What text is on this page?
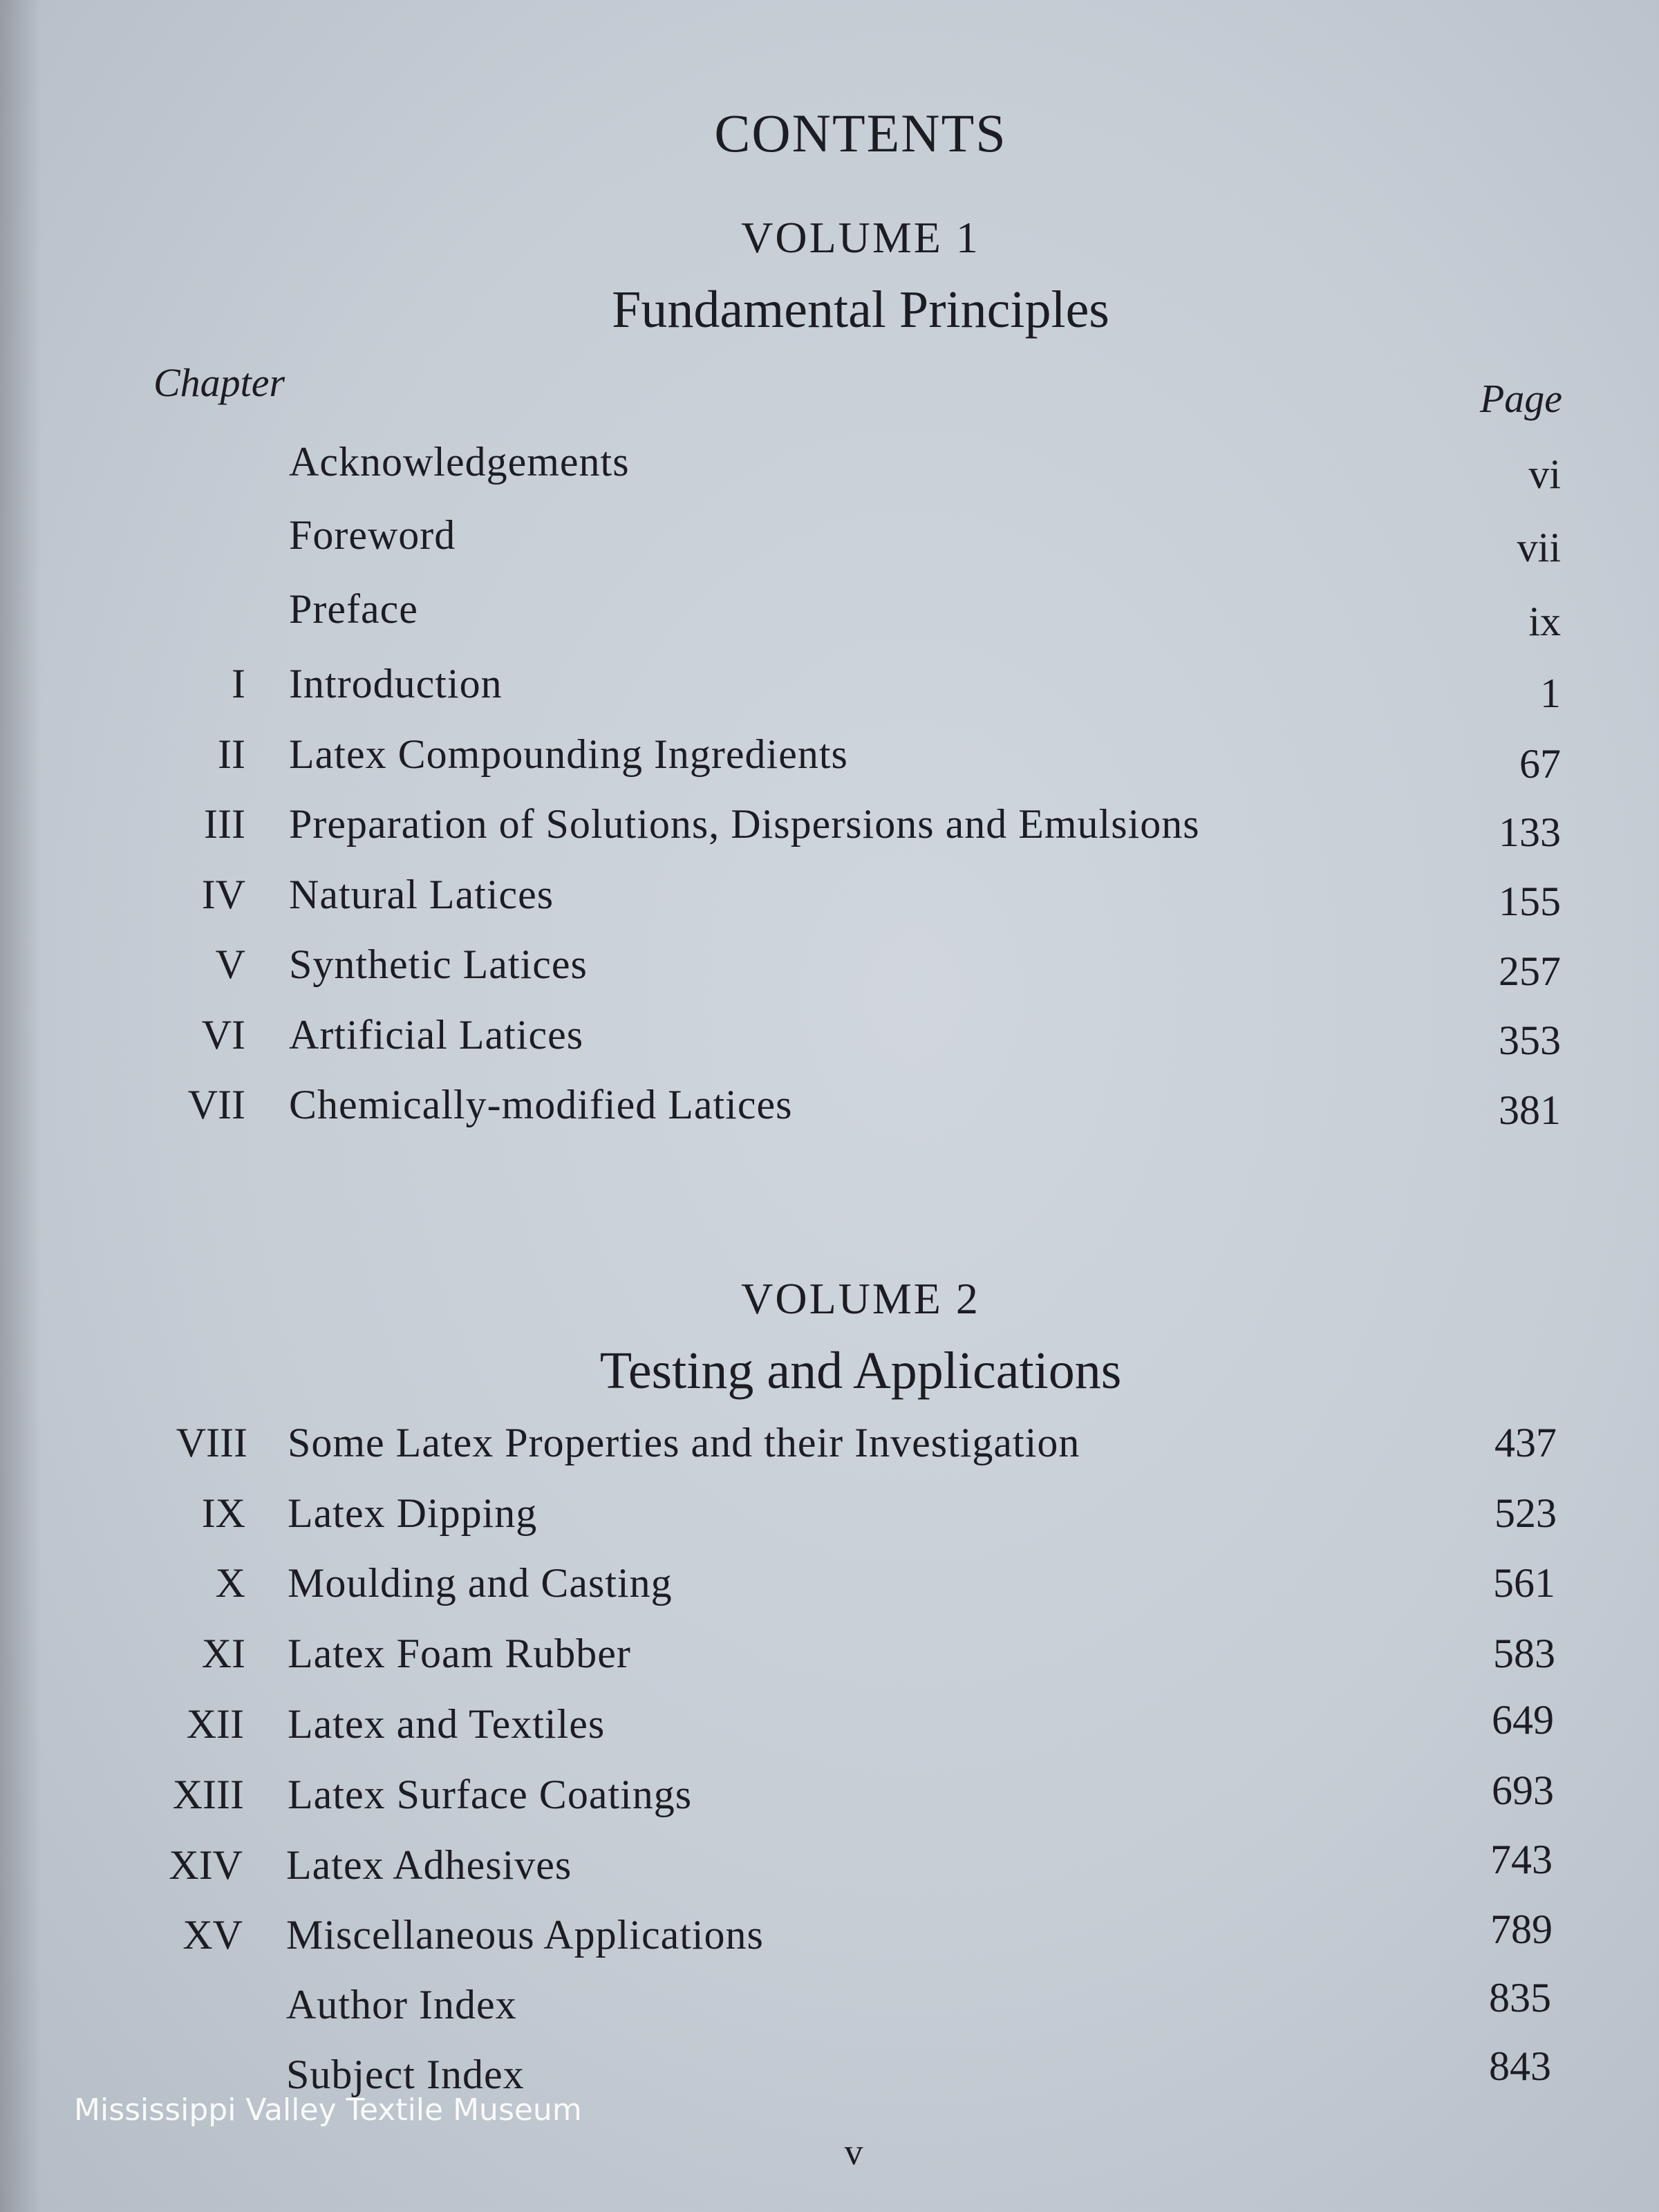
CONTENTS
VOLUME 1
Fundamental Principles
Chapter	Page
Acknowledgements	vi
Foreword	vii
Preface	ix
I Introduction	1
II Latex Compounding Ingredients	67
III Preparation of Solutions, Dispersions and Emulsions	133
IV Natural Latices	155
V Synthetic Latices	257
VI Artificial Latices	353
VII Chemically-modified Latices	381
VOLUME 2
Testing and Applications
VIII Some Latex Properties and their Investigation	437
IX Latex Dipping	523
X Moulding and Casting	561
XI Latex Foam Rubber	583
XII Latex and Textiles	649
XIII Latex Surface Coatings	693
XIV Latex Adhesives	743
XV Miscellaneous Applications	789
Author Index	835
Subject Index	843
v
Mississippi Valley Textile Museum
